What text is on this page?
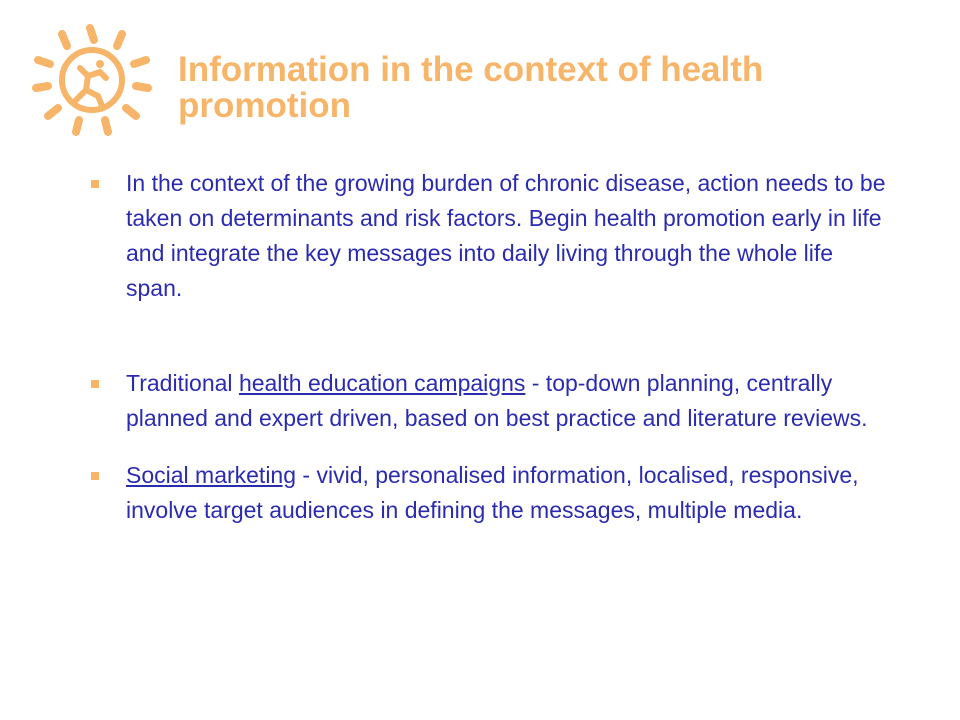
Information in the context of health promotion
In the context of the growing burden of chronic disease, action needs to be taken on determinants and risk factors. Begin health promotion early in life and integrate the key messages into daily living through the whole life span.
Traditional health education campaigns - top-down planning, centrally planned and expert driven, based on best practice and literature reviews.
Social marketing - vivid, personalised information, localised, responsive, involve target audiences in defining the messages, multiple media.
